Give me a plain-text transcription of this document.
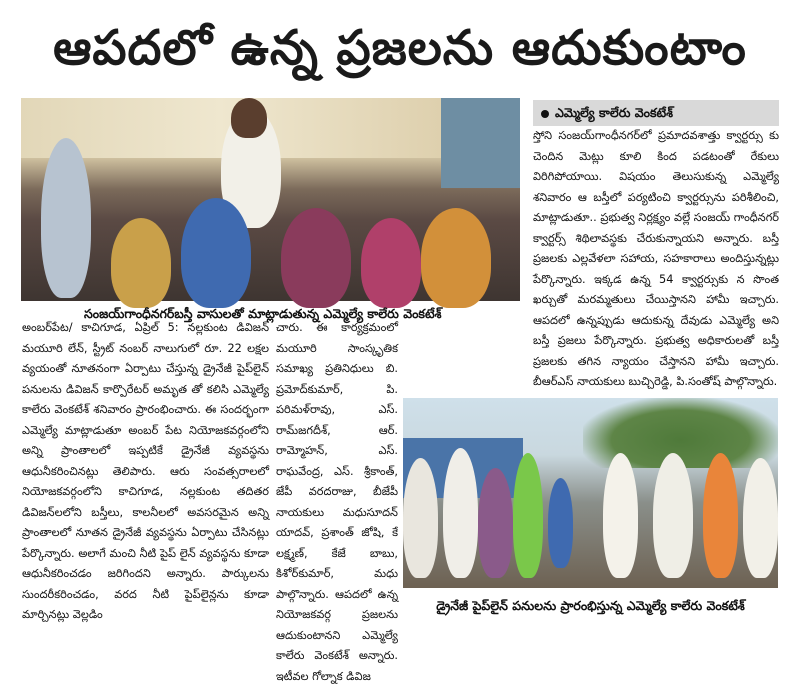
ఆపదలో ఉన్న ప్రజలను ఆదుకుంటాం
సంజయ్‌గాంధీనగర్‌బస్తీ వాసులతో మాట్లాడుతున్న ఎమ్మెల్యే కాలేరు వెంకటేశ్
అంబర్‌పేట/ కాచిగూడ, ఏప్రిల్ 5: నల్లకుంట డివిజన్ మయూరి లేన్, స్ట్రీట్ నంబర్ నాలుగులో రూ. 22 లక్షల వ్యయంతో నూతనంగా ఏర్పాటు చేస్తున్న డ్రైనేజీ పైప్‌లైన్ పనులను డివిజన్ కార్పొరేటర్ అమృత తో కలిసి ఎమ్మెల్యే కాలేరు వెంకటేశ్ శనివారం ప్రారంభించారు. ఈ సందర్భంగా ఎమ్మెల్యే మాట్లాడుతూ అంబర్ పేట నియోజకవర్గంలోని అన్ని ప్రాంతాలలో ఇప్పటికే డ్రైనేజీ వ్యవస్థను ఆధునీకరించినట్లు తెలిపారు. ఆరు సంవత్సరాలలో నియోజకవర్గంలోని కాచిగూడ, నల్లకుంట తదితర డివిజన్‌లలోని బస్తీలు, కాలనీలలో అవసరమైన అన్ని ప్రాంతాలలో నూతన డ్రైనేజీ వ్యవస్థను ఏర్పాటు చేసినట్లు పేర్కొన్నారు. అలాగే మంచి నీటి పైప్ లైన్ వ్యవస్థను కూడా ఆధునీకరించడం జరిగిందని అన్నారు. పార్కులను సుందరీకరించడం, వరద నీటి పైప్‌లైన్లను కూడా మార్చినట్లు వెల్లడిం
చారు. ఈ కార్యక్రమంలో మయూరి సాంస్కృతిక సమాఖ్య ప్రతినిధులు బి. ప్రమోద్‌కుమార్, పి. పరిమళ్‌రావు, ఎస్. రామ్‌జగదీశ్, ఆర్. రామ్మోహన్, ఎస్. రాఘవేంద్ర, ఎస్. శ్రీకాంత్, జేపీ వరదరాజు, బీజేపీ నాయకులు మధుసూదన్ యాదవ్, ప్రశాంత్ జోషి, కే లక్ష్మణ్, కేజే బాబు, కిశోర్‌కుమార్, మధు పాల్గొన్నారు. ఆపదలో ఉన్న నియోజకవర్గ ప్రజలను ఆదుకుంటానని ఎమ్మెల్యే కాలేరు వెంకటేశ్ అన్నారు. ఇటీవల గోల్నాక డివిజ
ఎమ్మెల్యే కాలేరు వెంకటేశ్
స్తోని సంజయ్‌గాంధీనగర్‌లో ప్రమాదవశాత్తు క్వార్టర్సు కు చెందిన మెట్లు కూలి కింద పడటంతో రేకులు విరిగిపోయాయి. విషయం తెలుసుకున్న ఎమ్మెల్యే శనివారం ఆ బస్తీలో పర్యటించి క్వార్టర్సును పరిశీలించి, మాట్లాడుతూ.. ప్రభుత్వ నిర్లక్ష్యం వల్లే సంజయ్ గాంధీనగర్ క్వార్టర్స్ శిథిలావస్థకు చేరుకున్నాయని అన్నారు. బస్తీ ప్రజలకు ఎల్లవేళలా సహాయ, సహకారాలు అందిస్తున్నట్లు పేర్కొన్నారు. ఇక్కడ ఉన్న 54 క్వార్టర్సుకు న సొంత ఖర్చుతో మరమ్మతులు చేయిస్తానని హామీ ఇచ్చారు. ఆపదలో ఉన్నప్పుడు ఆదుకున్న దేవుడు ఎమ్మెల్యే అని బస్తీ ప్రజలు పేర్కొన్నారు. ప్రభుత్వ అధికారులతో బస్తీ ప్రజలకు తగిన న్యాయం చేస్తానని హామీ ఇచ్చారు. బీఆర్ఎస్ నాయకులు బుచ్చిరెడ్డి, పి.సంతోష్ పాల్గొన్నారు.
డ్రైనేజీ పైప్‌లైన్ పనులను ప్రారంభిస్తున్న ఎమ్మెల్యే కాలేరు వెంకటేశ్
